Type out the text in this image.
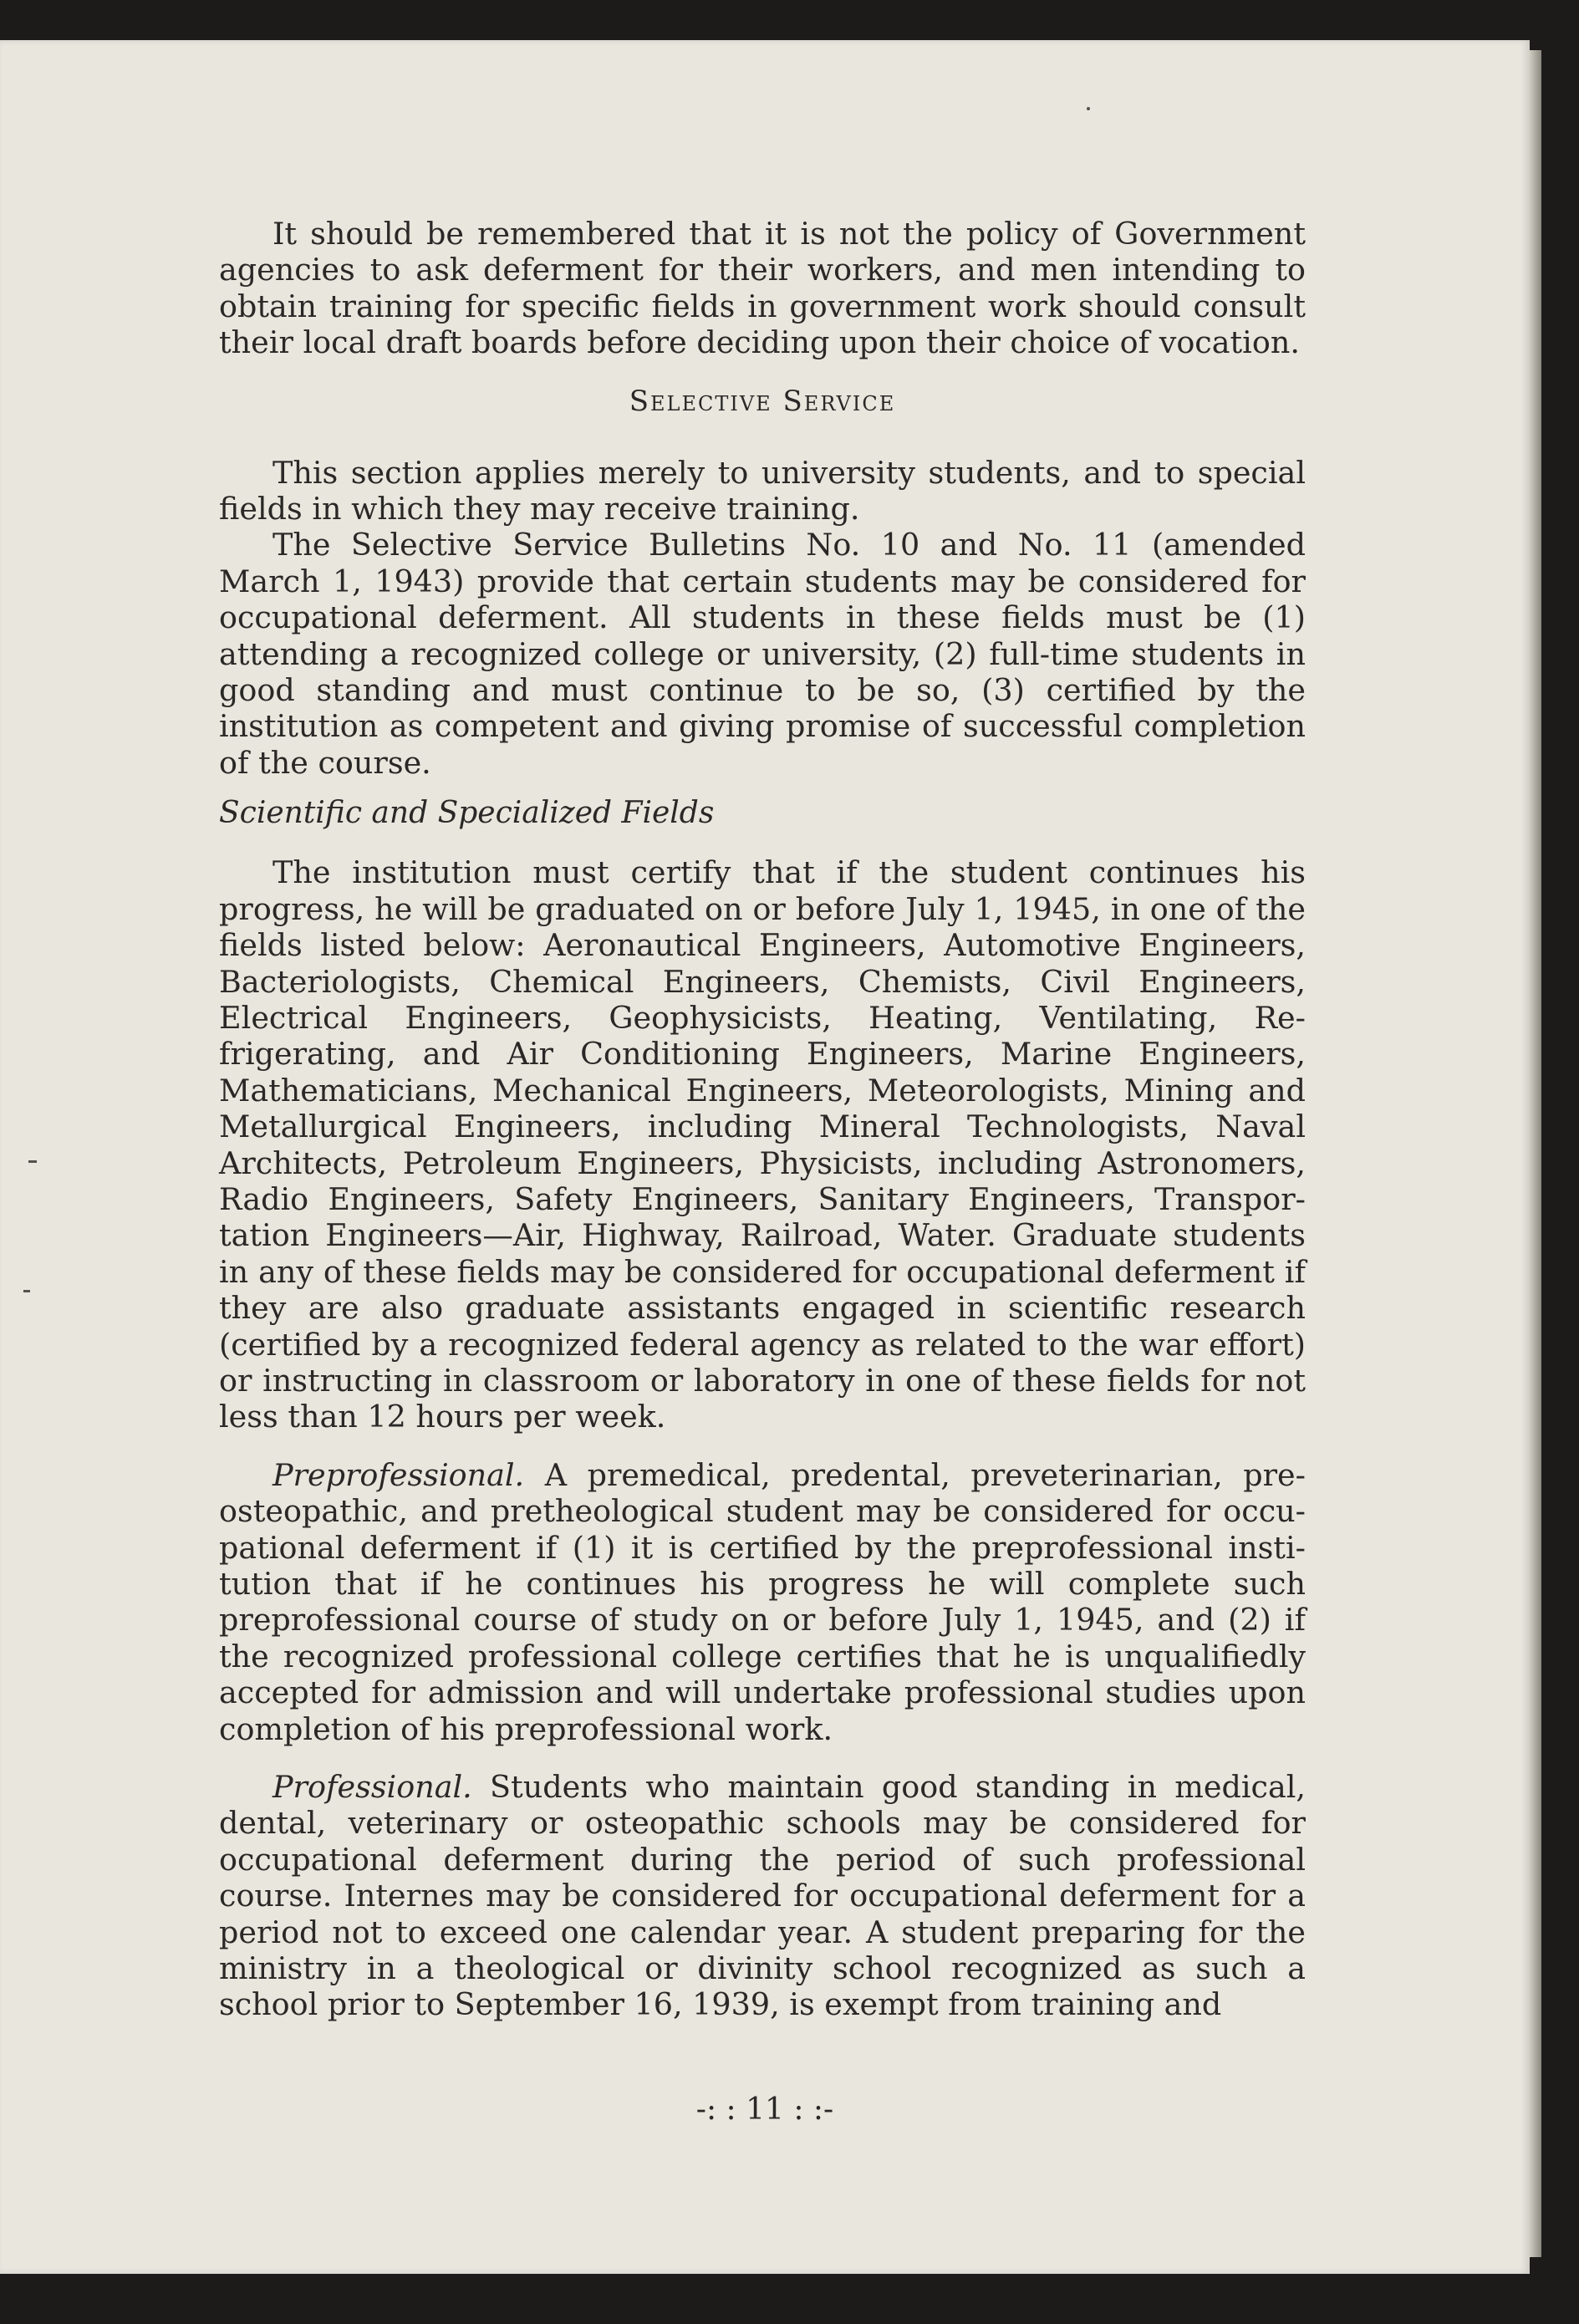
It should be remembered that it is not the policy of Government agencies to ask deferment for their workers, and men intending to obtain training for specific fields in government work should consult their local draft boards before deciding upon their choice of vocation.

Selective Service

This section applies merely to university students, and to special fields in which they may receive training.

The Selective Service Bulletins No. 10 and No. 11 (amended March 1, 1943) provide that certain students may be considered for occupational deferment. All students in these fields must be (1) attending a recognized college or university, (2) full-time students in good standing and must continue to be so, (3) certified by the institution as competent and giving promise of successful completion of the course.

Scientific and Specialized Fields

The institution must certify that if the student continues his progress, he will be graduated on or before July 1, 1945, in one of the fields listed below: Aeronautical Engineers, Automotive Engineers, Bacteriologists, Chemical Engineers, Chemists, Civil Engineers, Electrical Engineers, Geophysicists, Heating, Ventilating, Refrigerating, and Air Conditioning Engineers, Marine Engineers, Mathematicians, Mechanical Engineers, Meteorologists, Mining and Metallurgical Engineers, including Mineral Technologists, Naval Architects, Petroleum Engineers, Physicists, including Astronomers, Radio Engineers, Safety Engineers, Sanitary Engineers, Transportation Engineers—Air, Highway, Railroad, Water. Graduate students in any of these fields may be considered for occupational deferment if they are also graduate assistants engaged in scientific research (certified by a recognized federal agency as related to the war effort) or instructing in classroom or laboratory in one of these fields for not less than 12 hours per week.

Preprofessional. A premedical, predental, preveterinarian, preosteopathic, and pretheological student may be considered for occupational deferment if (1) it is certified by the preprofessional institution that if he continues his progress he will complete such preprofessional course of study on or before July 1, 1945, and (2) if the recognized professional college certifies that he is unqualifiedly accepted for admission and will undertake professional studies upon completion of his preprofessional work.

Professional. Students who maintain good standing in medical, dental, veterinary or osteopathic schools may be considered for occupational deferment during the period of such professional course. Internes may be considered for occupational deferment for a period not to exceed one calendar year. A student preparing for the ministry in a theological or divinity school recognized as such a school prior to September 16, 1939, is exempt from training and

-: : 11 : :-
